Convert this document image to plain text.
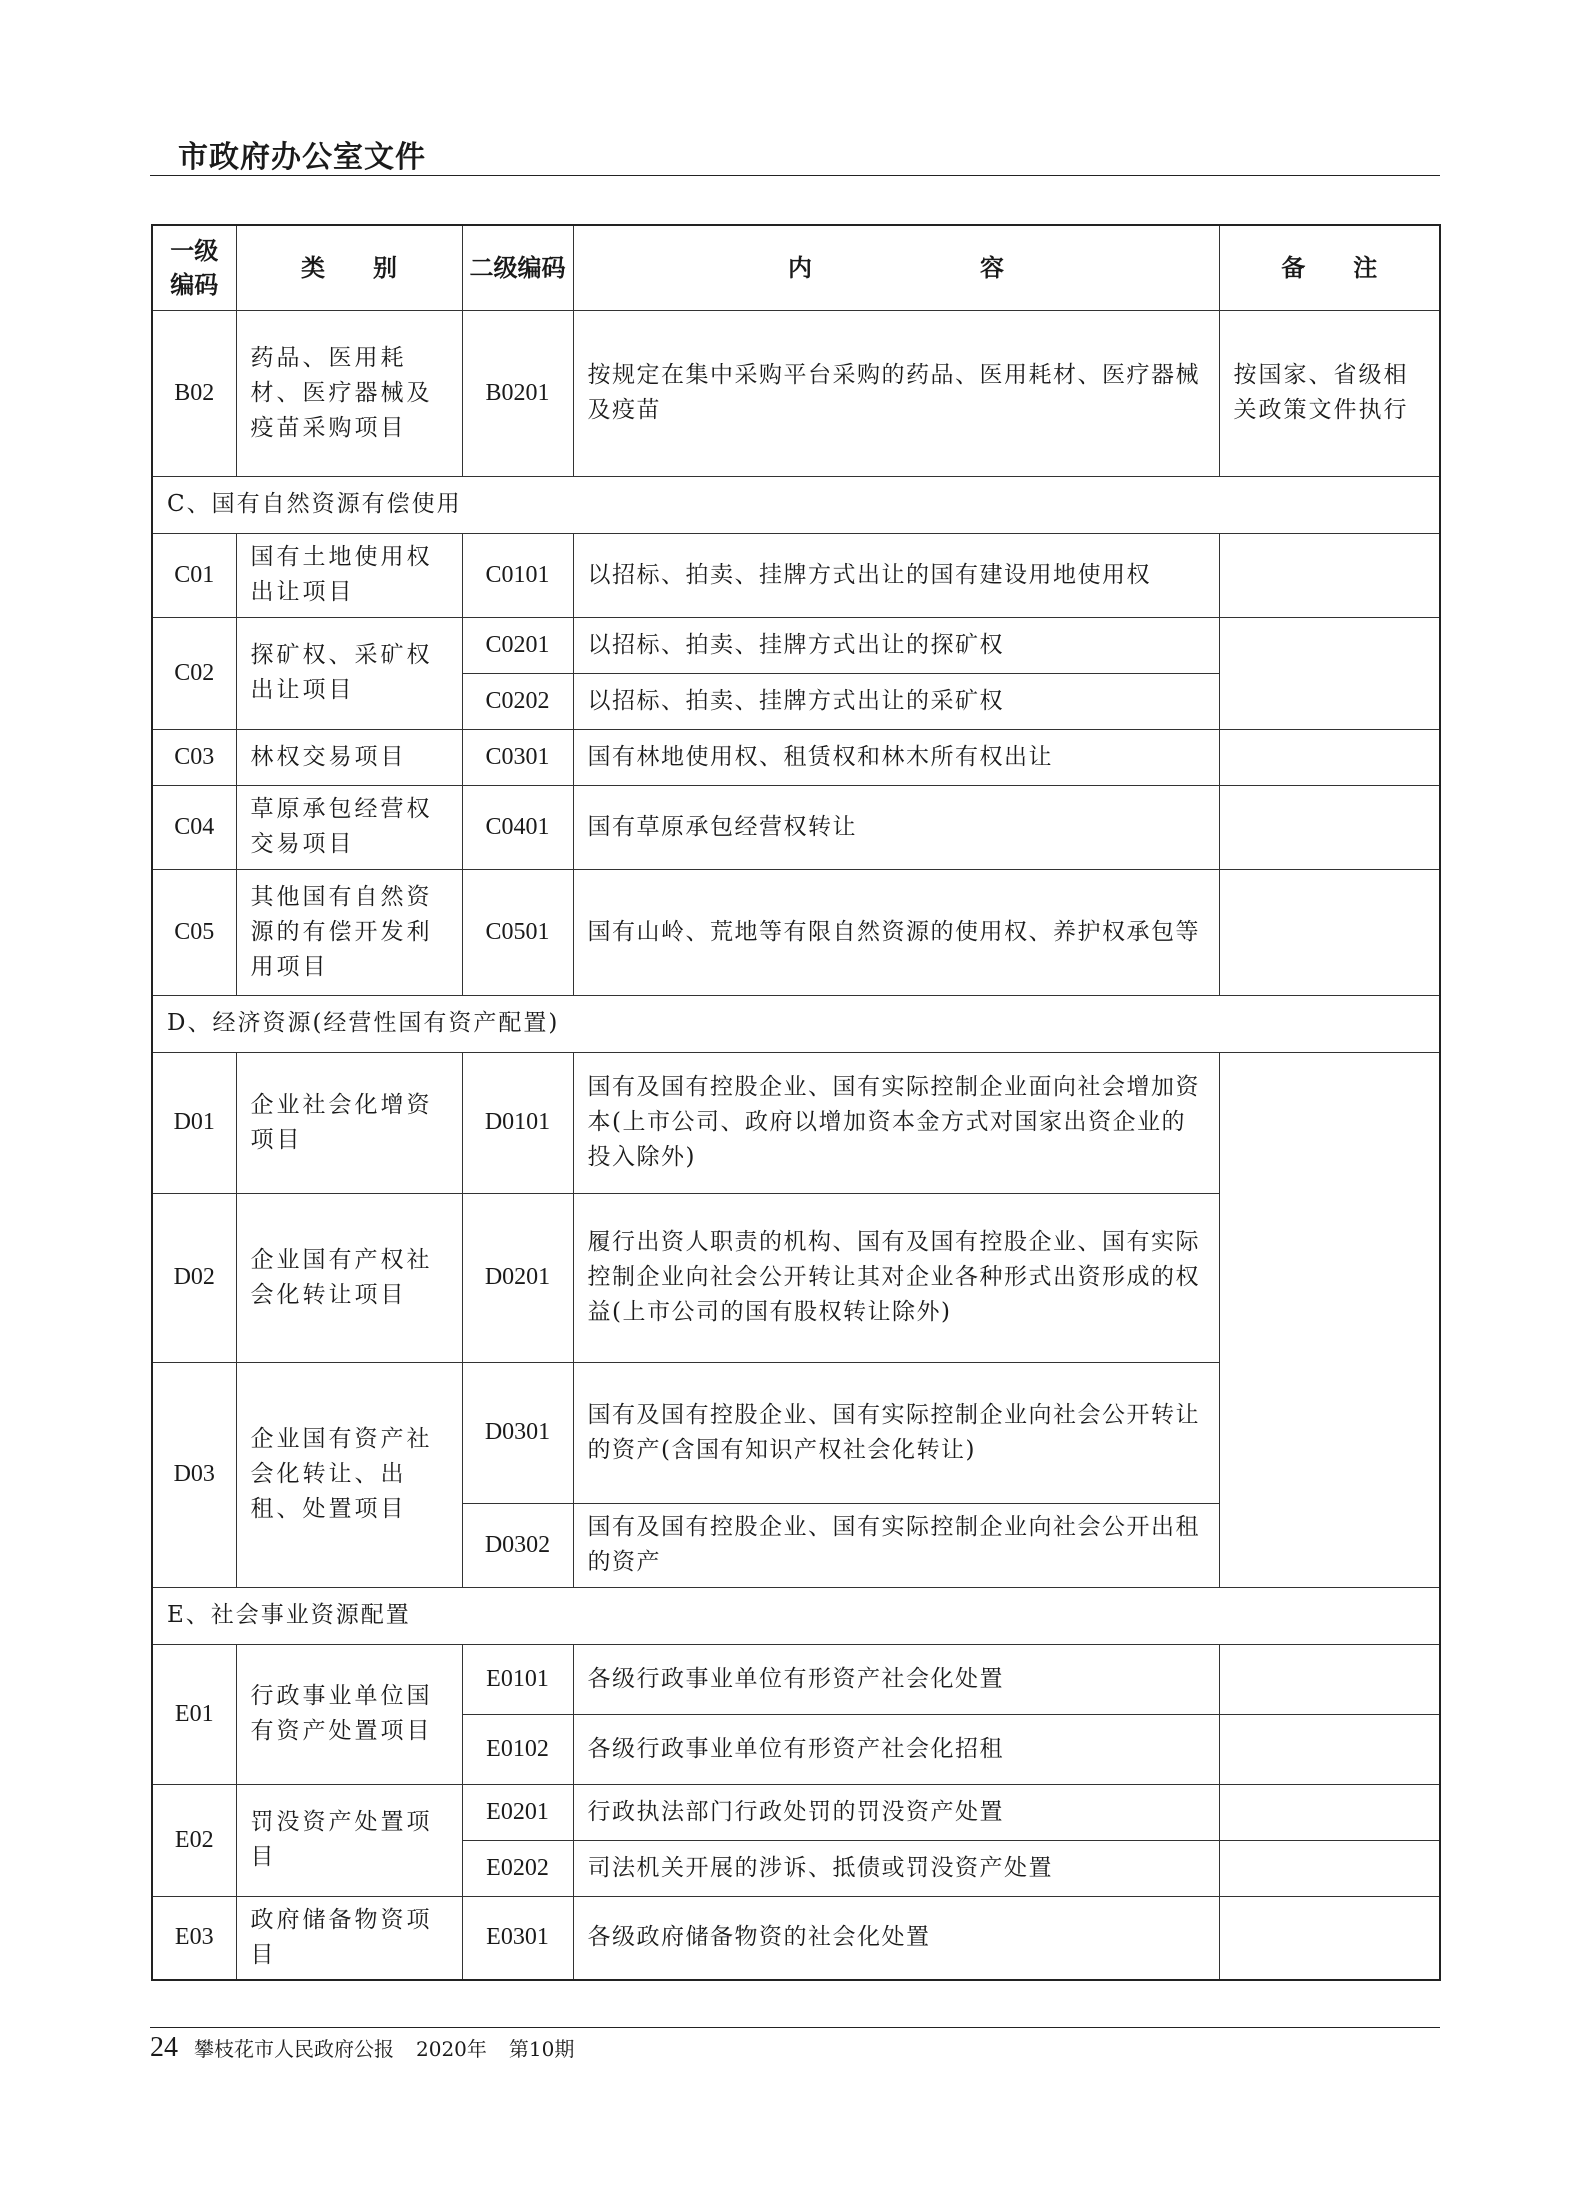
市政府办公室文件
一级编码	类　　别	二级编码	内　　　　　　　容	备　　注
B02	药品、医用耗材、医疗器械及疫苗采购项目	B0201	按规定在集中采购平台采购的药品、医用耗材、医疗器械及疫苗	按国家、省级相关政策文件执行
C、国有自然资源有偿使用				
C01	国有土地使用权出让项目	C0101	以招标、拍卖、挂牌方式出让的国有建设用地使用权	
C02	探矿权、采矿权出让项目	C0201	以招标、拍卖、挂牌方式出让的探矿权	
		C0202	以招标、拍卖、挂牌方式出让的采矿权	
C03	林权交易项目	C0301	国有林地使用权、租赁权和林木所有权出让	
C04	草原承包经营权交易项目	C0401	国有草原承包经营权转让	
C05	其他国有自然资源的有偿开发利用项目	C0501	国有山岭、荒地等有限自然资源的使用权、养护权承包等	
D、经济资源(经营性国有资产配置)				
D01	企业社会化增资项目	D0101	国有及国有控股企业、国有实际控制企业面向社会增加资本(上市公司、政府以增加资本金方式对国家出资企业的投入除外)	
D02	企业国有产权社会化转让项目	D0201	履行出资人职责的机构、国有及国有控股企业、国有实际控制企业向社会公开转让其对企业各种形式出资形成的权益(上市公司的国有股权转让除外)	
D03	企业国有资产社会化转让、出租、处置项目	D0301	国有及国有控股企业、国有实际控制企业向社会公开转让的资产(含国有知识产权社会化转让)	
		D0302	国有及国有控股企业、国有实际控制企业向社会公开出租的资产	
E、社会事业资源配置				
E01	行政事业单位国有资产处置项目	E0101	各级行政事业单位有形资产社会化处置	
		E0102	各级行政事业单位有形资产社会化招租	
E02	罚没资产处置项目	E0201	行政执法部门行政处罚的罚没资产处置	
		E0202	司法机关开展的涉诉、抵债或罚没资产处置	
E03	政府储备物资项目	E0301	各级政府储备物资的社会化处置	
24 攀枝花市人民政府公报 2020年 第10期
